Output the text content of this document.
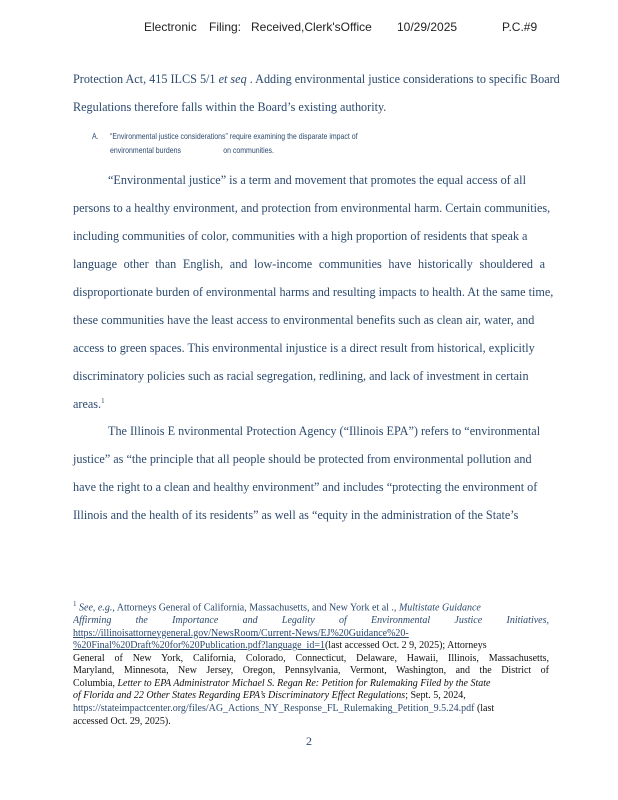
Electronic Filing: Received,Clerk'sOffice 10/29/2025	P.C.#9
Protection Act, 415 ILCS 5/1 et seq . Adding environmental justice considerations to specific Board
Regulations therefore falls within the Board’s existing authority.
A. “Environmental justice considerations” require examining the disparate impact of
environmental burdens	on communities.
“Environmental justice” is a term and movement that promotes the equal access of all
persons to a healthy environment, and protection from environmental harm. Certain communities,
including communities of color, communities with a high proportion of residents that speak a
language other than English, and low-income communities have historically shouldered a
disproportionate burden of environmental harms and resulting impacts to health. At the same time,
these communities have the least access to environmental benefits such as clean air, water, and
access to green spaces. This environmental injustice is a direct result from historical, explicitly
discriminatory policies such as racial segregation, redlining, and lack of investment in certain
areas.$^1$
The Illinois E nvironmental Protection Agency (“Illinois EPA”) refers to “environmental
justice” as “the principle that all people should be protected from environmental pollution and
have the right to a clean and healthy environment” and includes “protecting the environment of
Illinois and the health of its residents” as well as “equity in the administration of the State’s
$^1$ See, e.g., Attorneys General of California, Massachusetts, and New York et al ., Multistate Guidance
Affirming the Importance and Legality of Environmental Justice Initiatives,
https://illinoisattorneygeneral.gov/NewsRoom/Current-News/EJ%20Guidance%20-
%20Final%20Draft%20for%20Publication.pdf?language_id=1(last accessed Oct. 2 9, 2025); Attorneys
General of New York, California, Colorado, Connecticut, Delaware, Hawaii, Illinois, Massachusetts,
Maryland, Minnesota, New Jersey, Oregon, Pennsylvania, Vermont, Washington, and the District of
Columbia, Letter to EPA Administrator Michael S. Regan Re: Petition for Rulemaking Filed by the State
of Florida and 22 Other States Regarding EPA’s Discriminatory Effect Regulations; Sept. 5, 2024,
https://stateimpactcenter.org/files/AG_Actions_NY_Response_FL_Rulemaking_Petition_9.5.24.pdf (last
accessed Oct. 29, 2025).
2
